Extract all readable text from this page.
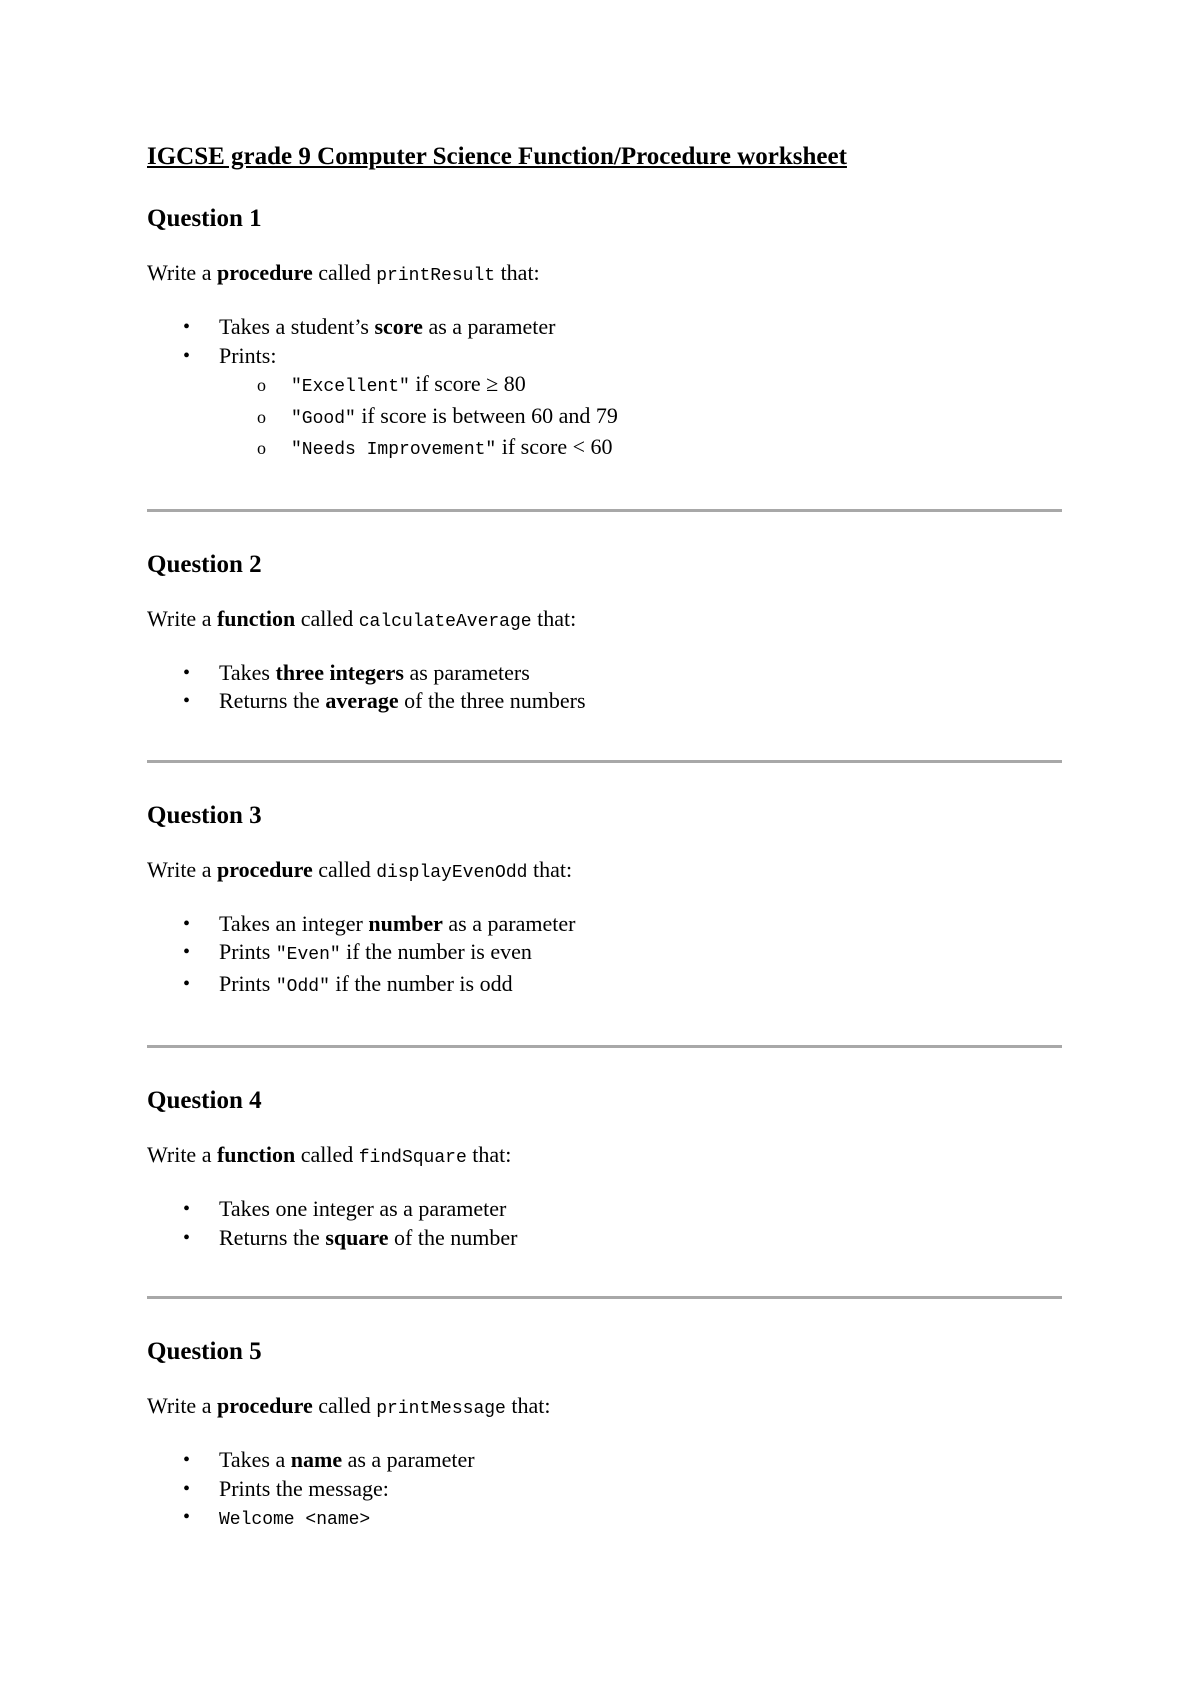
IGCSE grade 9 Computer Science Function/Procedure worksheet
Question 1
Write a procedure called printResult that:
• Takes a student’s score as a parameter
• Prints:
o "Excellent" if score ≥ 80
o "Good" if score is between 60 and 79
o "Needs Improvement" if score < 60
Question 2
Write a function called calculateAverage that:
• Takes three integers as parameters
• Returns the average of the three numbers
Question 3
Write a procedure called displayEvenOdd that:
• Takes an integer number as a parameter
• Prints "Even" if the number is even
• Prints "Odd" if the number is odd
Question 4
Write a function called findSquare that:
• Takes one integer as a parameter
• Returns the square of the number
Question 5
Write a procedure called printMessage that:
• Takes a name as a parameter
• Prints the message:
• Welcome <name>
